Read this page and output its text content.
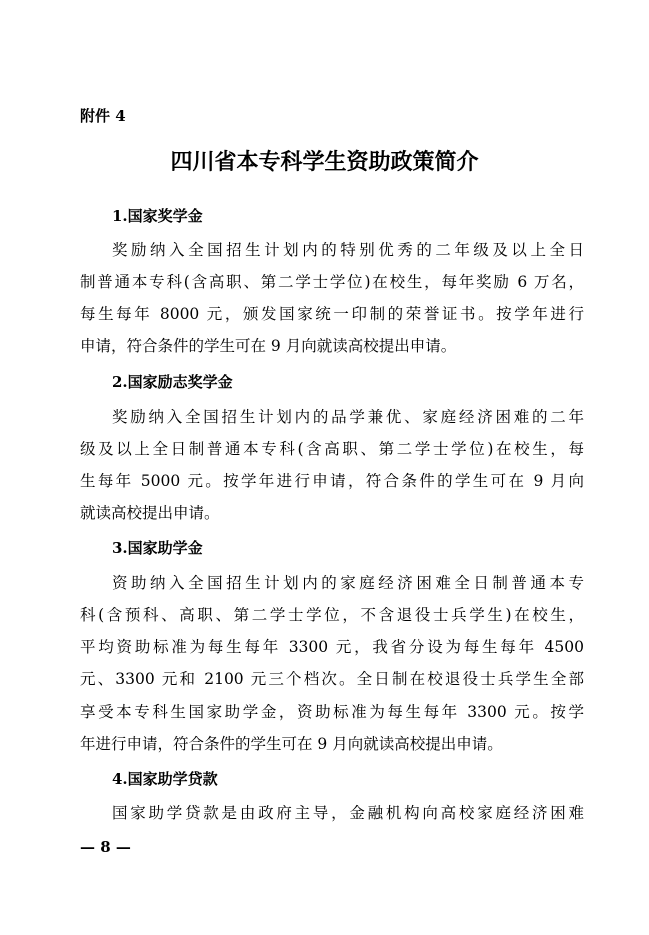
附件 4
四川省本专科学生资助政策简介
1.国家奖学金
奖励纳入全国招生计划内的特别优秀的二年级及以上全日
制普通本专科(含高职、第二学士学位)在校生，每年奖励 6 万名，
每生每年 8000 元，颁发国家统一印制的荣誉证书。按学年进行
申请，符合条件的学生可在 9 月向就读高校提出申请。
2.国家励志奖学金
奖励纳入全国招生计划内的品学兼优、家庭经济困难的二年
级及以上全日制普通本专科(含高职、第二学士学位)在校生，每
生每年 5000 元。按学年进行申请，符合条件的学生可在 9 月向
就读高校提出申请。
3.国家助学金
资助纳入全国招生计划内的家庭经济困难全日制普通本专
科(含预科、高职、第二学士学位，不含退役士兵学生)在校生，
平均资助标准为每生每年 3300 元，我省分设为每生每年 4500
元、3300 元和 2100 元三个档次。全日制在校退役士兵学生全部
享受本专科生国家助学金，资助标准为每生每年 3300 元。按学
年进行申请，符合条件的学生可在 9 月向就读高校提出申请。
4.国家助学贷款
国家助学贷款是由政府主导，金融机构向高校家庭经济困难
— 8 —
